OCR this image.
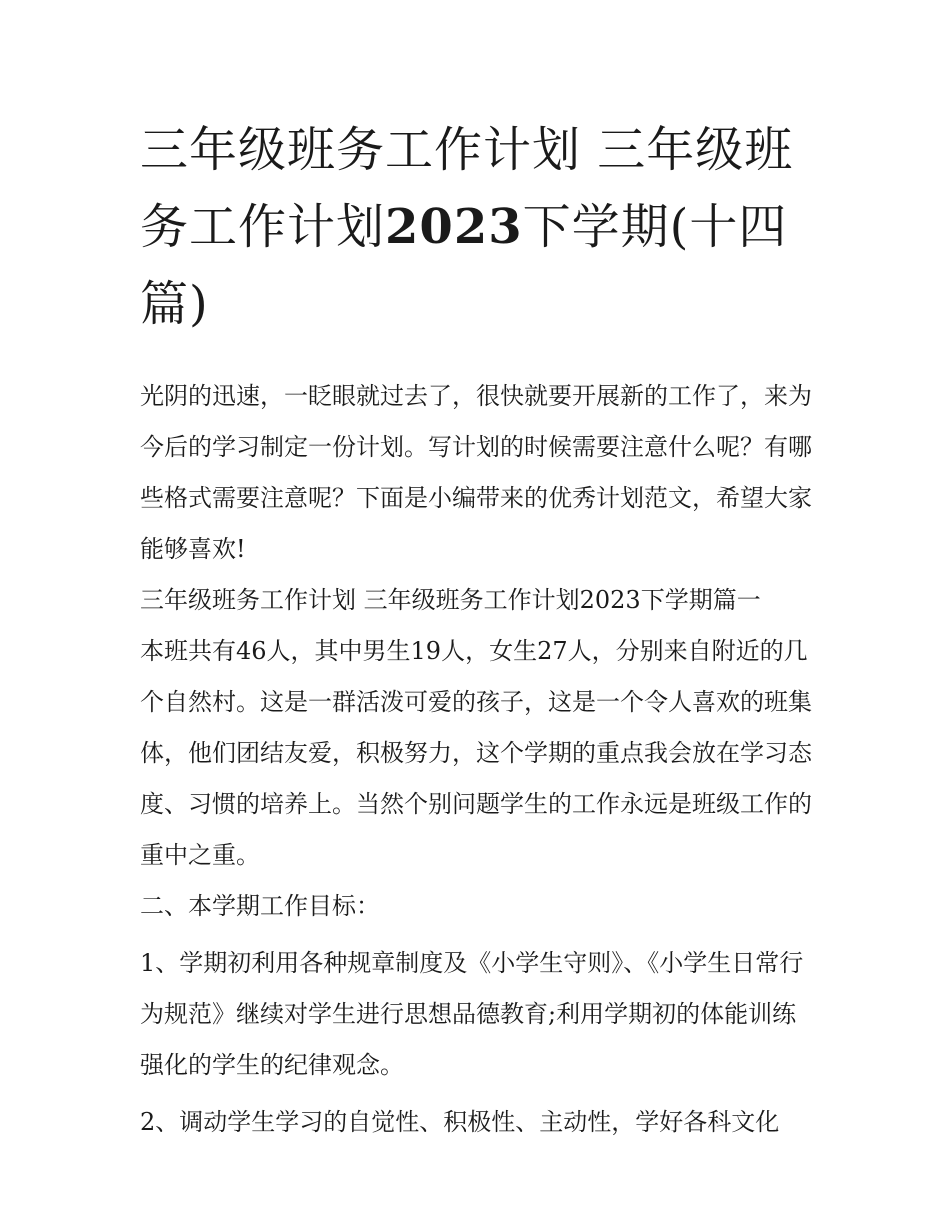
三年级班务工作计划 三年级班务工作计划2023下学期(十四篇)

光阴的迅速，一眨眼就过去了，很快就要开展新的工作了，来为今后的学习制定一份计划。写计划的时候需要注意什么呢？有哪些格式需要注意呢？下面是小编带来的优秀计划范文，希望大家能够喜欢!

三年级班务工作计划 三年级班务工作计划2023下学期篇一

本班共有46人，其中男生19人，女生27人，分别来自附近的几个自然村。这是一群活泼可爱的孩子，这是一个令人喜欢的班集体，他们团结友爱，积极努力，这个学期的重点我会放在学习态度、习惯的培养上。当然个别问题学生的工作永远是班级工作的重中之重。

二、本学期工作目标：

1、学期初利用各种规章制度及《小学生守则》、《小学生日常行为规范》继续对学生进行思想品德教育;利用学期初的体能训练强化的学生的纪律观念。

2、调动学生学习的自觉性、积极性、主动性，学好各科文化
